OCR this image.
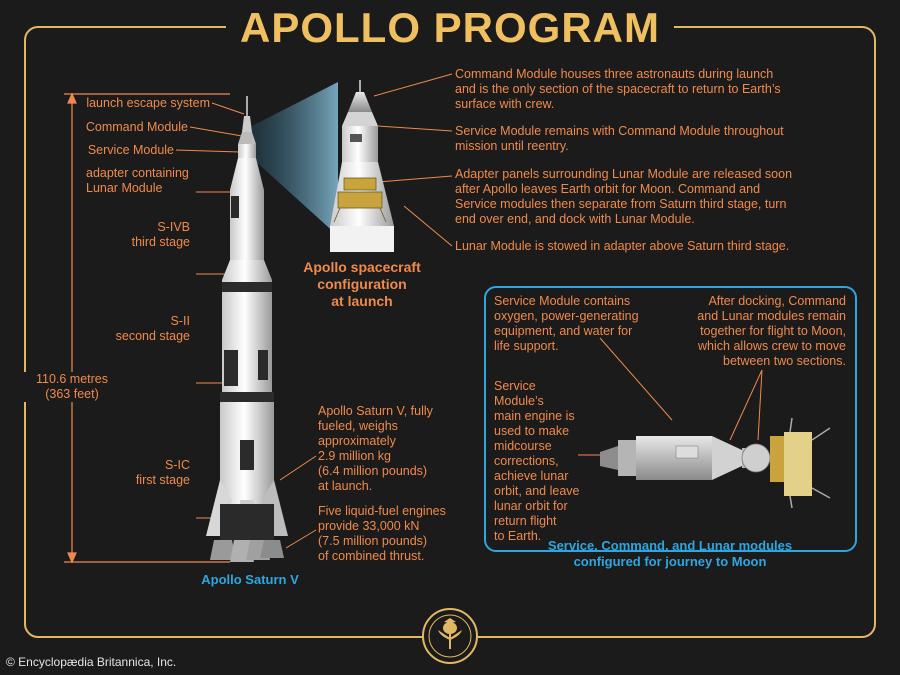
APOLLO PROGRAM
launch escape system
Command Module
Service Module
adapter containing
Lunar Module
S-IVB
third stage
S-II
second stage
S-IC
first stage
110.6 metres
(363 feet)
Apollo Saturn V, fully
fueled, weighs
approximately
2.9 million kg
(6.4 million pounds)
at launch.
Five liquid-fuel engines
provide 33,000 kN
(7.5 million pounds)
of combined thrust.
Apollo Saturn V
Apollo spacecraft
configuration
at launch
Command Module houses three astronauts during launch
and is the only section of the spacecraft to return to Earth’s
surface with crew.
Service Module remains with Command Module throughout
mission until reentry.
Adapter panels surrounding Lunar Module are released soon
after Apollo leaves Earth orbit for Moon. Command and
Service modules then separate from Saturn third stage, turn
end over end, and dock with Lunar Module.
Lunar Module is stowed in adapter above Saturn third stage.
Service Module contains
oxygen, power-generating
equipment, and water for
life support.
After docking, Command
and Lunar modules remain
together for flight to Moon,
which allows crew to move
between two sections.
Service Module’s
main engine is
used to make
midcourse
corrections,
achieve lunar
orbit, and leave
lunar orbit for
return flight
to Earth.
Service, Command, and Lunar modules
configured for journey to Moon
© Encyclopædia Britannica, Inc.
